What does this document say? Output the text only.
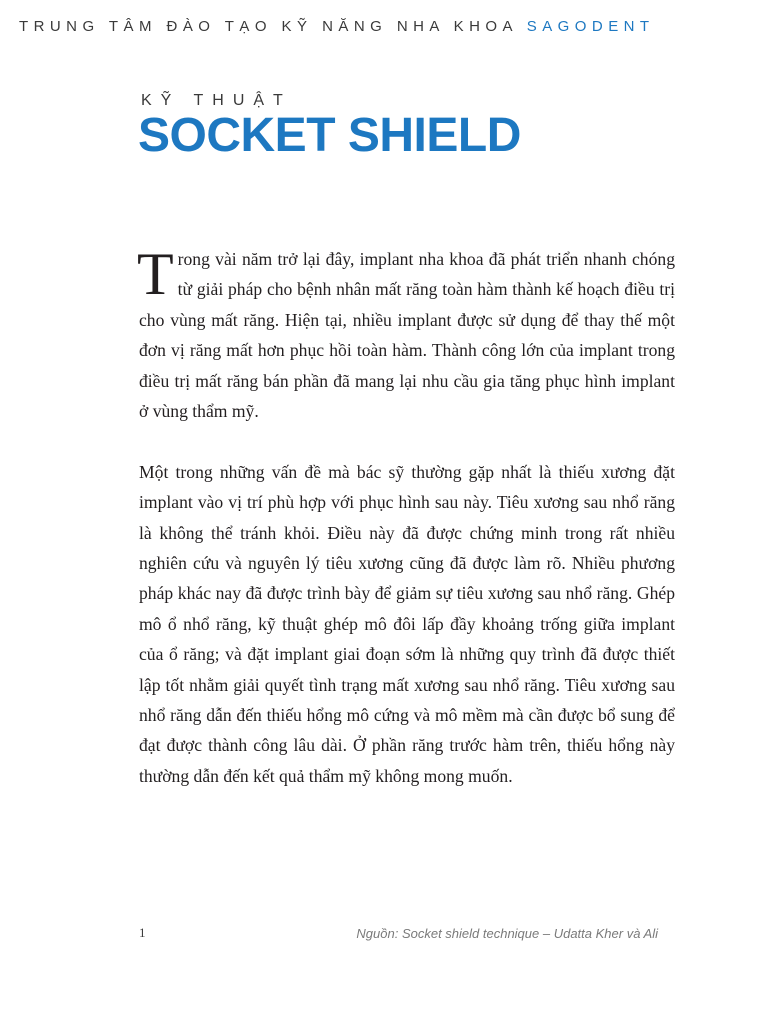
TRUNG TÂM ĐÀO TẠO KỸ NĂNG NHA KHOA SAGODENT
KỸ THUẬT
SOCKET SHIELD

Trong vài năm trở lại đây, implant nha khoa đã phát triển nhanh chóng từ giải pháp cho bệnh nhân mất răng toàn hàm thành kế hoạch điều trị cho vùng mất răng. Hiện tại, nhiều implant được sử dụng để thay thế một đơn vị răng mất hơn phục hồi toàn hàm. Thành công lớn của implant trong điều trị mất răng bán phần đã mang lại nhu cầu gia tăng phục hình implant ở vùng thẩm mỹ.

Một trong những vấn đề mà bác sỹ thường gặp nhất là thiếu xương đặt implant vào vị trí phù hợp với phục hình sau này. Tiêu xương sau nhổ răng là không thể tránh khỏi. Điều này đã được chứng minh trong rất nhiều nghiên cứu và nguyên lý tiêu xương cũng đã được làm rõ. Nhiều phương pháp khác nay đã được trình bày để giảm sự tiêu xương sau nhổ răng. Ghép mô ổ nhổ răng, kỹ thuật ghép mô đôi lấp đầy khoảng trống giữa implant của ổ răng; và đặt implant giai đoạn sớm là những quy trình đã được thiết lập tốt nhằm giải quyết tình trạng mất xương sau nhổ răng. Tiêu xương sau nhổ răng dẫn đến thiếu hổng mô cứng và mô mềm mà cần được bổ sung để đạt được thành công lâu dài. Ở phần răng trước hàm trên, thiếu hổng này thường dẫn đến kết quả thẩm mỹ không mong muốn.

1	Nguồn: Socket shield technique – Udatta Kher và Ali
